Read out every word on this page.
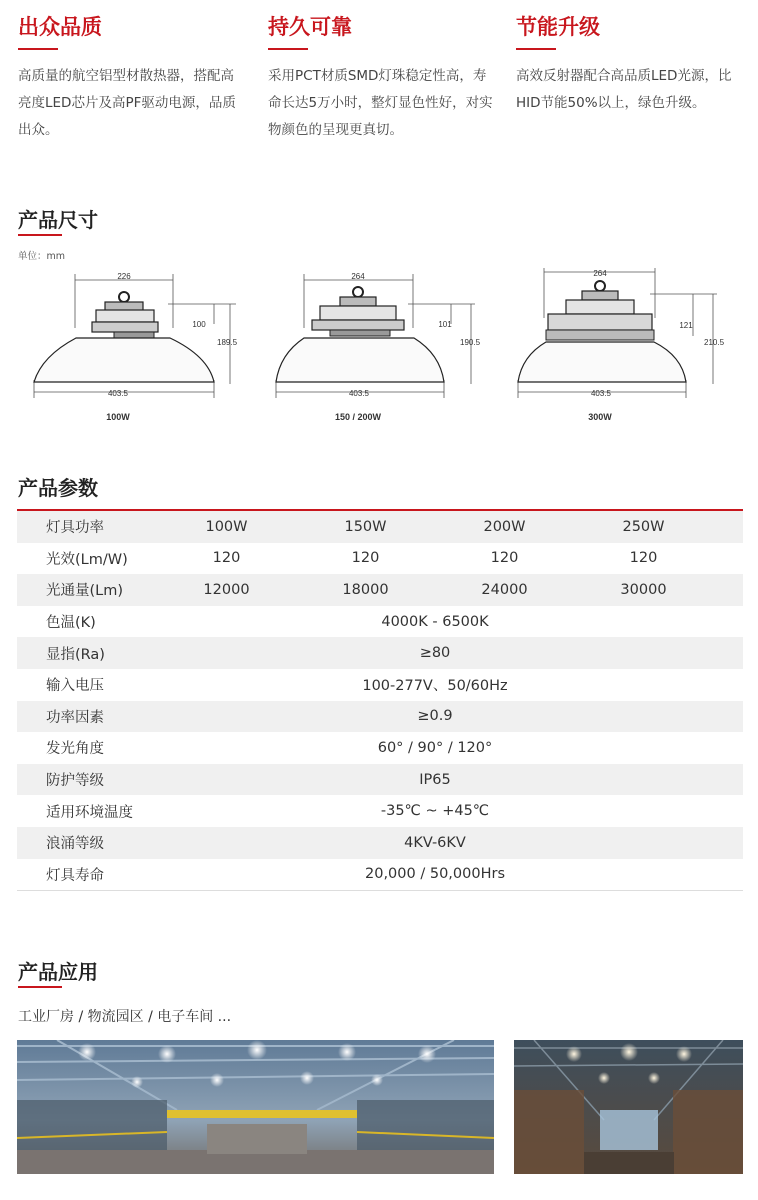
出众品质
高质量的航空铝型材散热器，搭配高亮度LED芯片及高PF驱动电源，品质出众。
持久可靠
采用PCT材质SMD灯珠稳定性高，寿命长达5万小时，整灯显色性好，对实物颜色的呈现更真切。
节能升级
高效反射器配合高品质LED光源，比HID节能50%以上，绿色升级。
产品尺寸
单位：mm
226
100
189.5
403.5
100W
264
101
190.5
403.5
150 / 200W
264
121
210.5
403.5
300W
产品参数
灯具功率	100W	150W	200W	250W
光效(Lm/W)	120	120	120	120
光通量(Lm)	12000	18000	24000	30000
色温(K)	4000K - 6500K
显指(Ra)	≥80
输入电压	100-277V、50/60Hz
功率因素	≥0.9
发光角度	60° / 90° / 120°
防护等级	IP65
适用环境温度	-35℃ ~ +45℃
浪涌等级	4KV-6KV
灯具寿命	20,000 / 50,000Hrs
产品应用
工业厂房 / 物流园区 / 电子车间 ...
